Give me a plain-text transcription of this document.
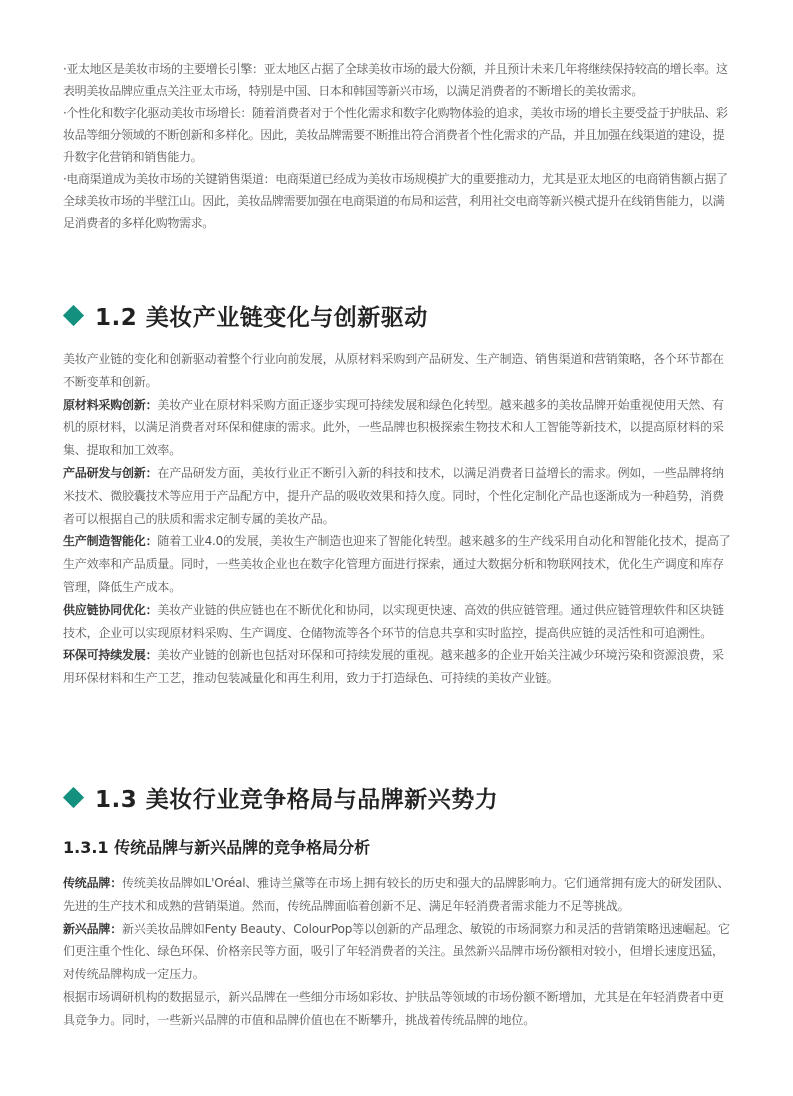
·亚太地区是美妆市场的主要增长引擎：亚太地区占据了全球美妆市场的最大份额，并且预计未来几年将继续保持较高的增长率。这表明美妆品牌应重点关注亚太市场，特别是中国、日本和韩国等新兴市场，以满足消费者的不断增长的美妆需求。

·个性化和数字化驱动美妆市场增长：随着消费者对于个性化需求和数字化购物体验的追求，美妆市场的增长主要受益于护肤品、彩妆品等细分领域的不断创新和多样化。因此，美妆品牌需要不断推出符合消费者个性化需求的产品，并且加强在线渠道的建设，提升数字化营销和销售能力。

·电商渠道成为美妆市场的关键销售渠道：电商渠道已经成为美妆市场规模扩大的重要推动力，尤其是亚太地区的电商销售额占据了全球美妆市场的半壁江山。因此，美妆品牌需要加强在电商渠道的布局和运营，利用社交电商等新兴模式提升在线销售能力，以满足消费者的多样化购物需求。

1.2 美妆产业链变化与创新驱动

美妆产业链的变化和创新驱动着整个行业向前发展，从原材料采购到产品研发、生产制造、销售渠道和营销策略，各个环节都在不断变革和创新。

原材料采购创新：美妆产业在原材料采购方面正逐步实现可持续发展和绿色化转型。越来越多的美妆品牌开始重视使用天然、有机的原材料，以满足消费者对环保和健康的需求。此外，一些品牌也积极探索生物技术和人工智能等新技术，以提高原材料的采集、提取和加工效率。

产品研发与创新：在产品研发方面，美妆行业正不断引入新的科技和技术，以满足消费者日益增长的需求。例如，一些品牌将纳米技术、微胶囊技术等应用于产品配方中，提升产品的吸收效果和持久度。同时，个性化定制化产品也逐渐成为一种趋势，消费者可以根据自己的肤质和需求定制专属的美妆产品。

生产制造智能化：随着工业4.0的发展，美妆生产制造也迎来了智能化转型。越来越多的生产线采用自动化和智能化技术，提高了生产效率和产品质量。同时，一些美妆企业也在数字化管理方面进行探索，通过大数据分析和物联网技术，优化生产调度和库存管理，降低生产成本。

供应链协同优化：美妆产业链的供应链也在不断优化和协同，以实现更快速、高效的供应链管理。通过供应链管理软件和区块链技术，企业可以实现原材料采购、生产调度、仓储物流等各个环节的信息共享和实时监控，提高供应链的灵活性和可追溯性。

环保可持续发展：美妆产业链的创新也包括对环保和可持续发展的重视。越来越多的企业开始关注减少环境污染和资源浪费，采用环保材料和生产工艺，推动包装减量化和再生利用，致力于打造绿色、可持续的美妆产业链。

1.3 美妆行业竞争格局与品牌新兴势力
1.3.1 传统品牌与新兴品牌的竞争格局分析

传统品牌：传统美妆品牌如L'Oréal、雅诗兰黛等在市场上拥有较长的历史和强大的品牌影响力。它们通常拥有庞大的研发团队、先进的生产技术和成熟的营销渠道。然而，传统品牌面临着创新不足、满足年轻消费者需求能力不足等挑战。

新兴品牌：新兴美妆品牌如Fenty Beauty、ColourPop等以创新的产品理念、敏锐的市场洞察力和灵活的营销策略迅速崛起。它们更注重个性化、绿色环保、价格亲民等方面，吸引了年轻消费者的关注。虽然新兴品牌市场份额相对较小，但增长速度迅猛，对传统品牌构成一定压力。

根据市场调研机构的数据显示，新兴品牌在一些细分市场如彩妆、护肤品等领域的市场份额不断增加，尤其是在年轻消费者中更具竞争力。同时，一些新兴品牌的市值和品牌价值也在不断攀升，挑战着传统品牌的地位。
